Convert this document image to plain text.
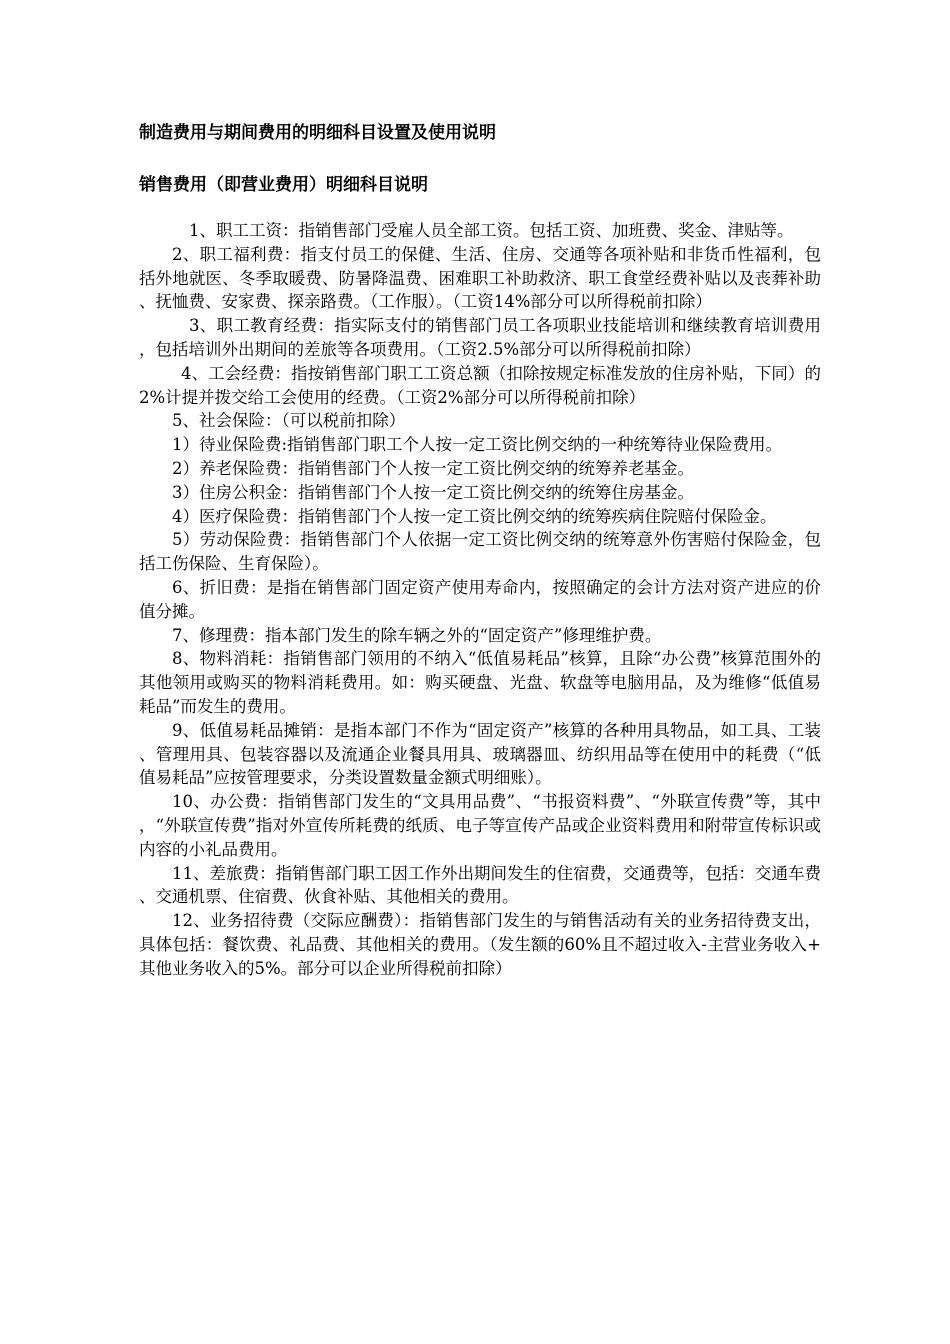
制造费用与期间费用的明细科目设置及使用说明
销售费用（即营业费用）明细科目说明

1、职工工资：指销售部门受雇人员全部工资。包括工资、加班费、奖金、津贴等。

2、职工福利费：指支付员工的保健、生活、住房、交通等各项补贴和非货币性福利，包括外地就医、冬季取暖费、防暑降温费、困难职工补助救济、职工食堂经费补贴以及丧葬补助、抚恤费、安家费、探亲路费。（工作服）。（工资14%部分可以所得税前扣除）

3、职工教育经费：指实际支付的销售部门员工各项职业技能培训和继续教育培训费用，包括培训外出期间的差旅等各项费用。（工资2.5%部分可以所得税前扣除）

4、工会经费：指按销售部门职工工资总额（扣除按规定标准发放的住房补贴，下同）的2%计提并拨交给工会使用的经费。（工资2%部分可以所得税前扣除）

5、社会保险：（可以税前扣除）

1）待业保险费:指销售部门职工个人按一定工资比例交纳的一种统筹待业保险费用。

2）养老保险费：指销售部门个人按一定工资比例交纳的统筹养老基金。

3）住房公积金：指销售部门个人按一定工资比例交纳的统筹住房基金。

4）医疗保险费：指销售部门个人按一定工资比例交纳的统筹疾病住院赔付保险金。

5）劳动保险费：指销售部门个人依据一定工资比例交纳的统筹意外伤害赔付保险金，包括工伤保险、生育保险）。

6、折旧费：是指在销售部门固定资产使用寿命内，按照确定的会计方法对资产进应的价值分摊。

7、修理费：指本部门发生的除车辆之外的“固定资产”修理维护费。

8、物料消耗：指销售部门领用的不纳入“低值易耗品”核算，且除“办公费”核算范围外的其他领用或购买的物料消耗费用。如：购买硬盘、光盘、软盘等电脑用品，及为维修“低值易耗品”而发生的费用。

9、低值易耗品摊销：是指本部门不作为“固定资产”核算的各种用具物品，如工具、工装、管理用具、包装容器以及流通企业餐具用具、玻璃器皿、纺织用品等在使用中的耗费（“低值易耗品”应按管理要求，分类设置数量金额式明细账）。

10、办公费：指销售部门发生的“文具用品费”、“书报资料费”、“外联宣传费”等，其中，“外联宣传费”指对外宣传所耗费的纸质、电子等宣传产品或企业资料费用和附带宣传标识或内容的小礼品费用。

11、差旅费：指销售部门职工因工作外出期间发生的住宿费，交通费等，包括：交通车费、交通机票、住宿费、伙食补贴、其他相关的费用。

12、业务招待费（交际应酬费）：指销售部门发生的与销售活动有关的业务招待费支出，具体包括：餐饮费、礼品费、其他相关的费用。（发生额的60%且不超过收入-主营业务收入+其他业务收入的5%。部分可以企业所得税前扣除）
